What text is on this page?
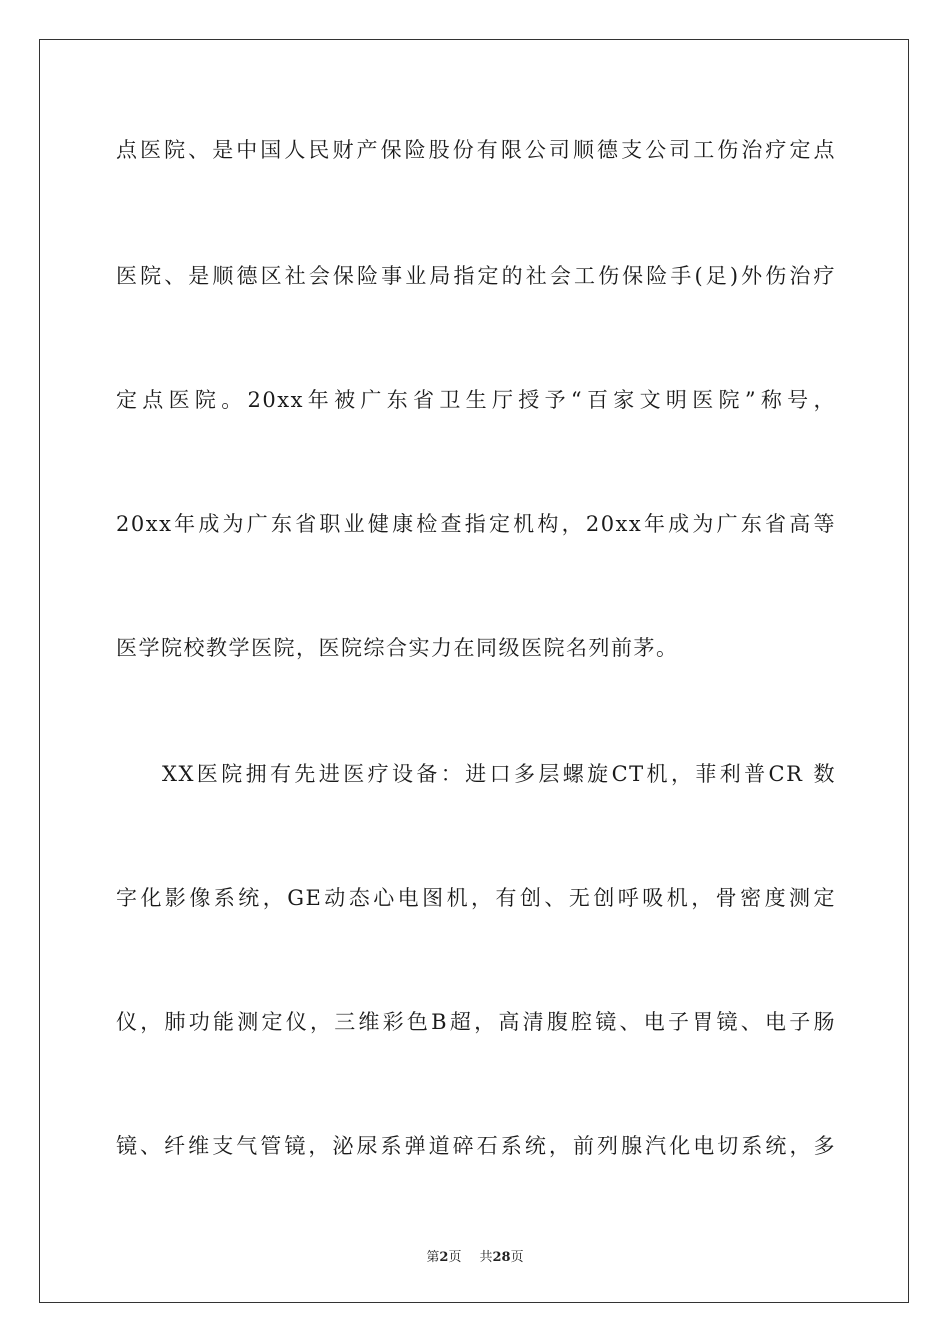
点医院、是中国人民财产保险股份有限公司顺德支公司工伤治疗定点
医院、是顺德区社会保险事业局指定的社会工伤保险手(足)外伤治疗
定点医院。20xx年被广东省卫生厅授予“百家文明医院”称号，
20xx年成为广东省职业健康检查指定机构，20xx年成为广东省高等
医学院校教学医院，医院综合实力在同级医院名列前茅。
XX医院拥有先进医疗设备：进口多层螺旋CT机，菲利普CR 数
字化影像系统，GE动态心电图机，有创、无创呼吸机，骨密度测定
仪，肺功能测定仪，三维彩色B超，高清腹腔镜、电子胃镜、电子肠
镜、纤维支气管镜，泌尿系弹道碎石系统，前列腺汽化电切系统，多
第2页 共28页
